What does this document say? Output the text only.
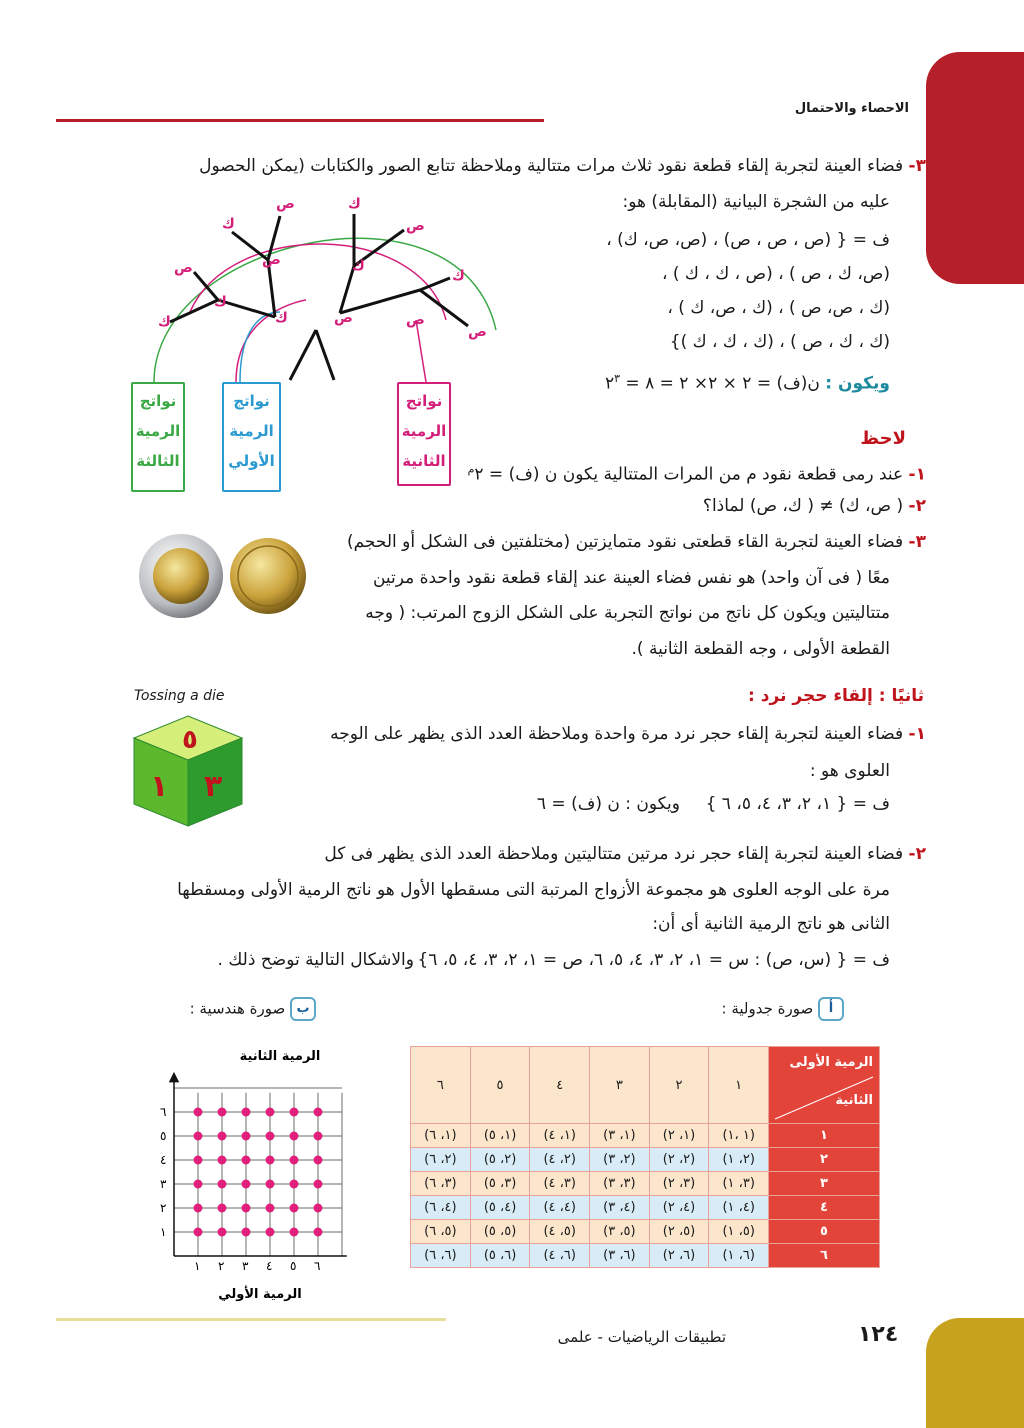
الاحصاء والاحتمال
٣- فضاء العينة لتجربة إلقاء قطعة نقود ثلاث مرات متتالية وملاحظة تتابع الصور والكتابات (يمكن الحصول
عليه من الشجرة البيانية (المقابلة) هو:
ف = { (ص ، ص ، ص) ، (ص، ص، ك) ،
(ص، ك ، ص ) ، (ص ، ك ، ك ) ،
(ك ، ص، ص ) ، (ك ، ص، ك ) ،
(ك ، ك ، ص ) ، (ك ، ك ، ك )}
ويكون : ن(ف) = ٢ × ٢× ٢ = ٨ = $٢^٣$
ك	ص
ك
ص	ك
ص
ك
ص
ك
ص	ك
ص
ك
ص
نواتج
الرمية
الثالثة
نواتج
الرمية
الأولي
نواتج
الرمية
الثانية
لاحظ
١- عند رمى قطعة نقود م من المرات المتتالية يكون ن (ف) = $٢^م$
٢- ( ص، ك) ≠ ( ك، ص) لماذا؟
٣- فضاء العينة لتجربة القاء قطعتى نقود متمايزتين (مختلفتين فى الشكل أو الحجم)
معًا ( فى آن واحد) هو نفس فضاء العينة عند إلقاء قطعة نقود واحدة مرتين
متتاليتين ويكون كل ناتج من نواتج التجربة على الشكل الزوج المرتب: ( وجه
القطعة الأولى ، وجه القطعة الثانية ).
ثانيًا : إلقاء حجر نرد :
Tossing a die
٥
١ ٣
١- فضاء العينة لتجربة إلقاء حجر نرد مرة واحدة وملاحظة العدد الذى يظهر على الوجه
العلوى هو :
ف = { ١، ٢، ٣، ٤، ٥، ٦ }
ويكون : ن (ف) = ٦
٢- فضاء العينة لتجربة إلقاء حجر نرد مرتين متتاليتين وملاحظة العدد الذى يظهر فى كل
مرة على الوجه العلوى هو مجموعة الأزواج المرتبة التى مسقطها الأول هو ناتج الرمية الأولى ومسقطها
الثانى هو ناتج الرمية الثانية أى أن:
ف = { (س، ص) : س = ١، ٢، ٣، ٤، ٥، ٦، ص = ١، ٢، ٣، ٤، ٥، ٦}
والاشكال التالية توضح ذلك .
أ صورة جدولية :
ب صورة هندسية :
الرمية الأولى
الثانية	١	٢	٣	٤	٥	٦
١	(١ ،١)	(١، ٢)	(١، ٣)	(١، ٤)	(١، ٥)	(١، ٦)
٢	(٢، ١)	(٢، ٢)	(٢، ٣)	(٢، ٤)	(٢، ٥)	(٢، ٦)
٣	(٣، ١)	(٣، ٢)	(٣، ٣)	(٣، ٤)	(٣، ٥)	(٣، ٦)
٤	(٤، ١)	(٤، ٢)	(٤، ٣)	(٤، ٤)	(٤، ٥)	(٤، ٦)
٥	(٥، ١)	(٥، ٢)	(٥، ٣)	(٥، ٤)	(٥، ٥)	(٥، ٦)
٦	(٦، ١)	(٦، ٢)	(٦، ٣)	(٦، ٤)	(٦، ٥)	(٦، ٦)
الرمية الثانية
الرمية الأولي
١
١
٢
٢
٣
٣
٤
٤
٥
٥
٦
٦
١٢٤
تطبيقات الرياضيات - علمى
